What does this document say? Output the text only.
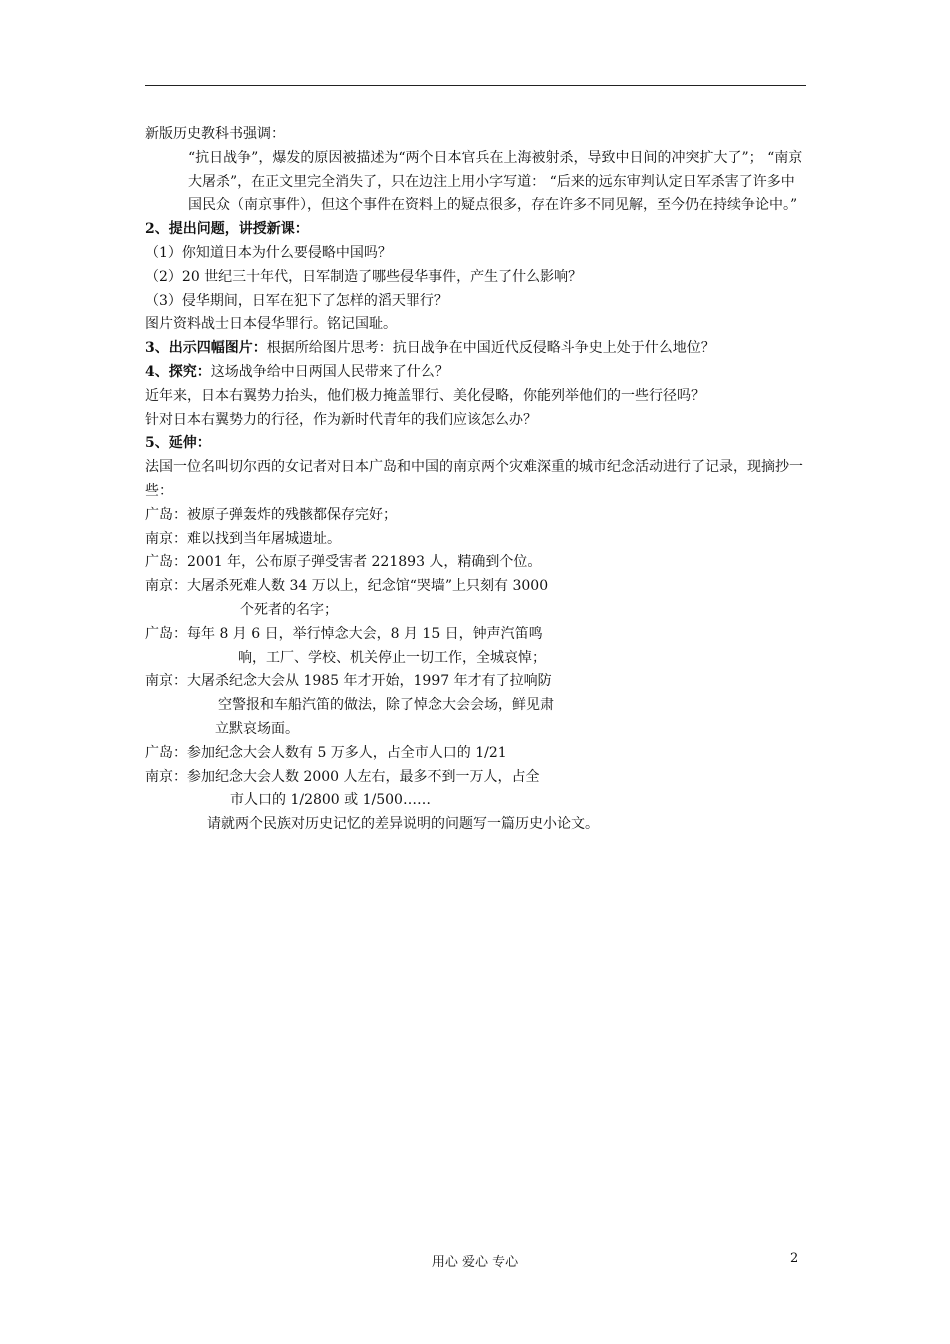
新版历史教科书强调：

“抗日战争”，爆发的原因被描述为“两个日本官兵在上海被射杀，导致中日间的冲突扩大了”； “南京大屠杀”，在正文里完全消失了，只在边注上用小字写道： “后来的远东审判认定日军杀害了许多中国民众（南京事件），但这个事件在资料上的疑点很多，存在许多不同见解，至今仍在持续争论中。”

2、提出问题，讲授新课：

（1）你知道日本为什么要侵略中国吗？

（2）20 世纪三十年代，日军制造了哪些侵华事件，产生了什么影响？

（3）侵华期间，日军在犯下了怎样的滔天罪行？

图片资料战士日本侵华罪行。铭记国耻。

3、出示四幅图片：根据所给图片思考：抗日战争在中国近代反侵略斗争史上处于什么地位？

4、探究：这场战争给中日两国人民带来了什么？

近年来，日本右翼势力抬头，他们极力掩盖罪行、美化侵略，你能列举他们的一些行径吗？

针对日本右翼势力的行径，作为新时代青年的我们应该怎么办？

5、延伸：

法国一位名叫切尔西的女记者对日本广岛和中国的南京两个灾难深重的城市纪念活动进行了记录，现摘抄一些：

广岛：被原子弹轰炸的残骸都保存完好；

南京：难以找到当年屠城遗址。

广岛：2001 年，公布原子弹受害者 221893 人，精确到个位。

南京：大屠杀死难人数 34 万以上，纪念馆“哭墙”上只刻有 3000

个死者的名字；

广岛：每年 8 月 6 日，举行悼念大会，8 月 15 日，钟声汽笛鸣

响，工厂、学校、机关停止一切工作，全城哀悼；

南京：大屠杀纪念大会从 1985 年才开始，1997 年才有了拉响防

空警报和车船汽笛的做法，除了悼念大会会场，鲜见肃

立默哀场面。

广岛：参加纪念大会人数有 5 万多人，占全市人口的 1/21

南京：参加纪念大会人数 2000 人左右，最多不到一万人，占全

市人口的 1/2800 或 1/500……

请就两个民族对历史记忆的差异说明的问题写一篇历史小论文。

用心 爱心 专心	2
